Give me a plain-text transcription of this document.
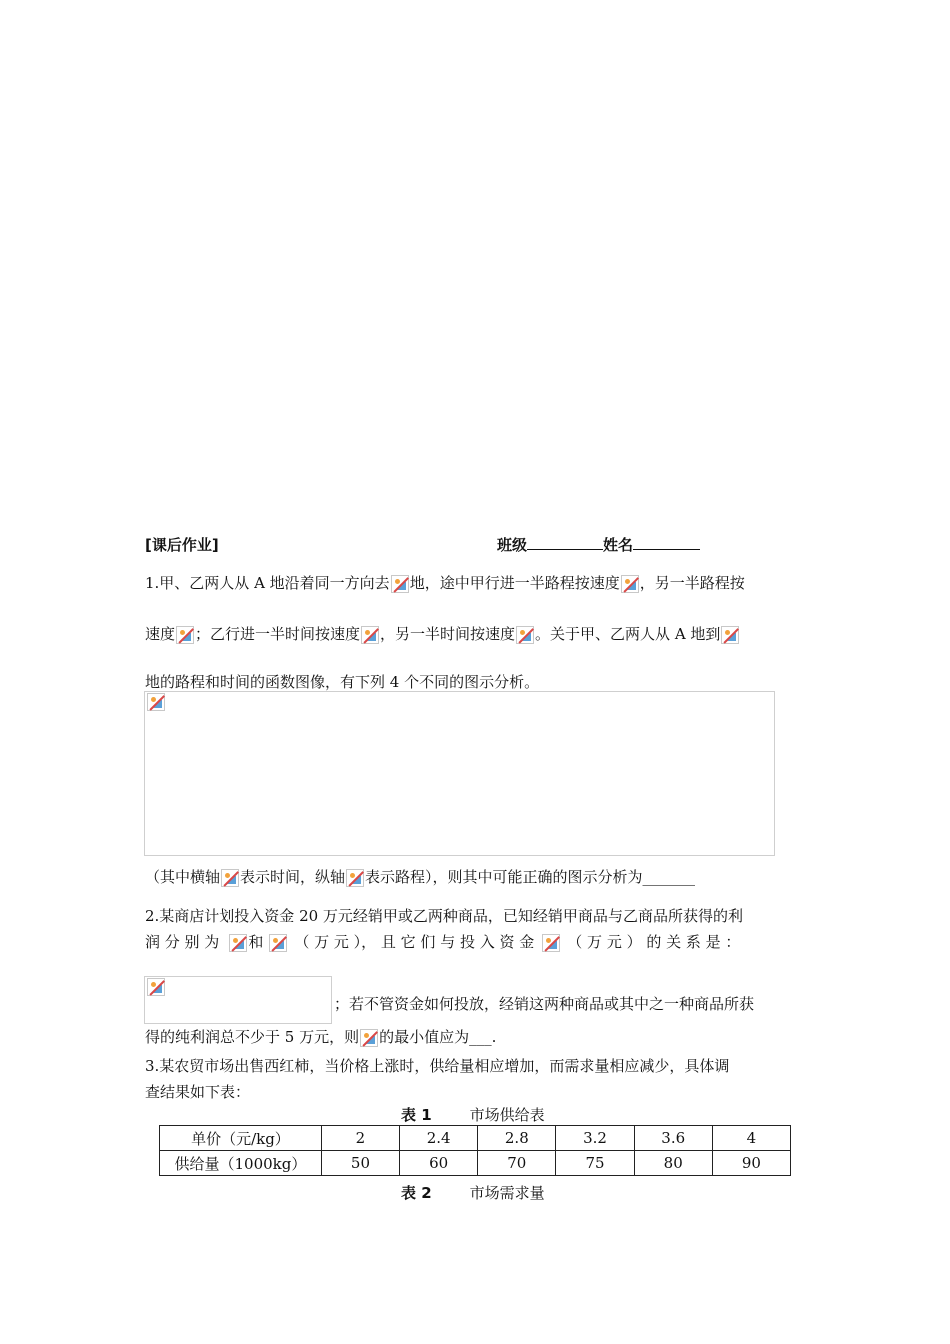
[课后作业]	班级	姓名
1.甲、乙两人从 A 地沿着同一方向去 地，途中甲行进一半路程按速度 ，另一半路程按
速度 ；乙行进一半时间按速度 ，另一半时间按速度 。关于甲、乙两人从 A 地到
地的路程和时间的函数图像，有下列 4 个不同的图示分析。
（其中横轴 表示时间，纵轴 表示路程），则其中可能正确的图示分析为_______
2.某商店计划投入资金 20 万元经销甲或乙两种商品，已知经销甲商品与乙商品所获得的利
润 分 别 为 和 （ 万 元 ）， 且 它 们 与 投 入 资 金 （ 万 元 ） 的 关 系 是 ：
；若不管资金如何投放，经销这两种商品或其中之一种商品所获
得的纯利润总不少于 5 万元，则 的最小值应为___.
3.某农贸市场出售西红柿，当价格上涨时，供给量相应增加，而需求量相应减少，具体调
查结果如下表：
表 1	市场供给表
单价（元/kg）	2	2.4	2.8	3.2	3.6	4
供给量（1000kg）	50	60	70	75	80	90
表 2	市场需求量
